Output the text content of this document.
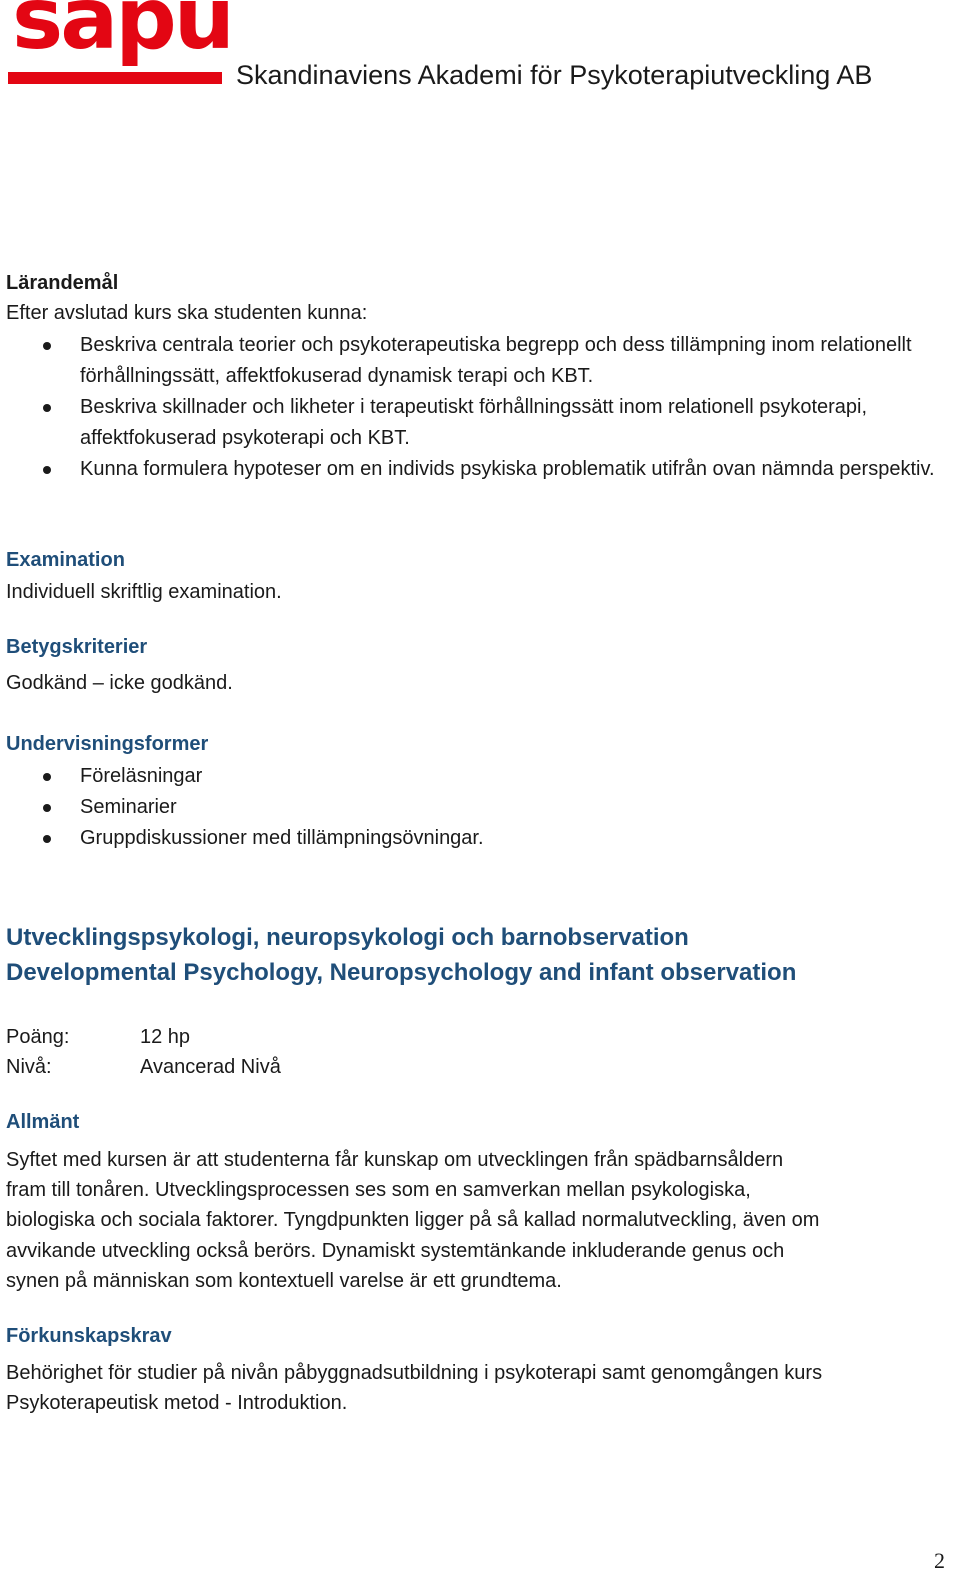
sapu
Skandinaviens Akademi för Psykoterapiutveckling AB
Lärandemål
Efter avslutad kurs ska studenten kunna:
Beskriva centrala teorier och psykoterapeutiska begrepp och dess tillämpning inom relationellt förhållningssätt, affektfokuserad dynamisk terapi och KBT.
Beskriva skillnader och likheter i terapeutiskt förhållningssätt inom relationell psykoterapi, affektfokuserad psykoterapi och KBT.
Kunna formulera hypoteser om en individs psykiska problematik utifrån ovan nämnda perspektiv.
Examination
Individuell skriftlig examination.
Betygskriterier
Godkänd – icke godkänd.
Undervisningsformer
Föreläsningar
Seminarier
Gruppdiskussioner med tillämpningsövningar.
Utvecklingspsykologi, neuropsykologi och barnobservation
Developmental Psychology, Neuropsychology and infant observation
Poäng:	12 hp
Nivå:	Avancerad Nivå
Allmänt
Syftet med kursen är att studenterna får kunskap om utvecklingen från spädbarnsåldern
fram till tonåren. Utvecklingsprocessen ses som en samverkan mellan psykologiska,
biologiska och sociala faktorer. Tyngdpunkten ligger på så kallad normalutveckling, även om
avvikande utveckling också berörs. Dynamiskt systemtänkande inkluderande genus och
synen på människan som kontextuell varelse är ett grundtema.
Förkunskapskrav
Behörighet för studier på nivån påbyggnadsutbildning i psykoterapi samt genomgången kurs
Psykoterapeutisk metod - Introduktion.
2
